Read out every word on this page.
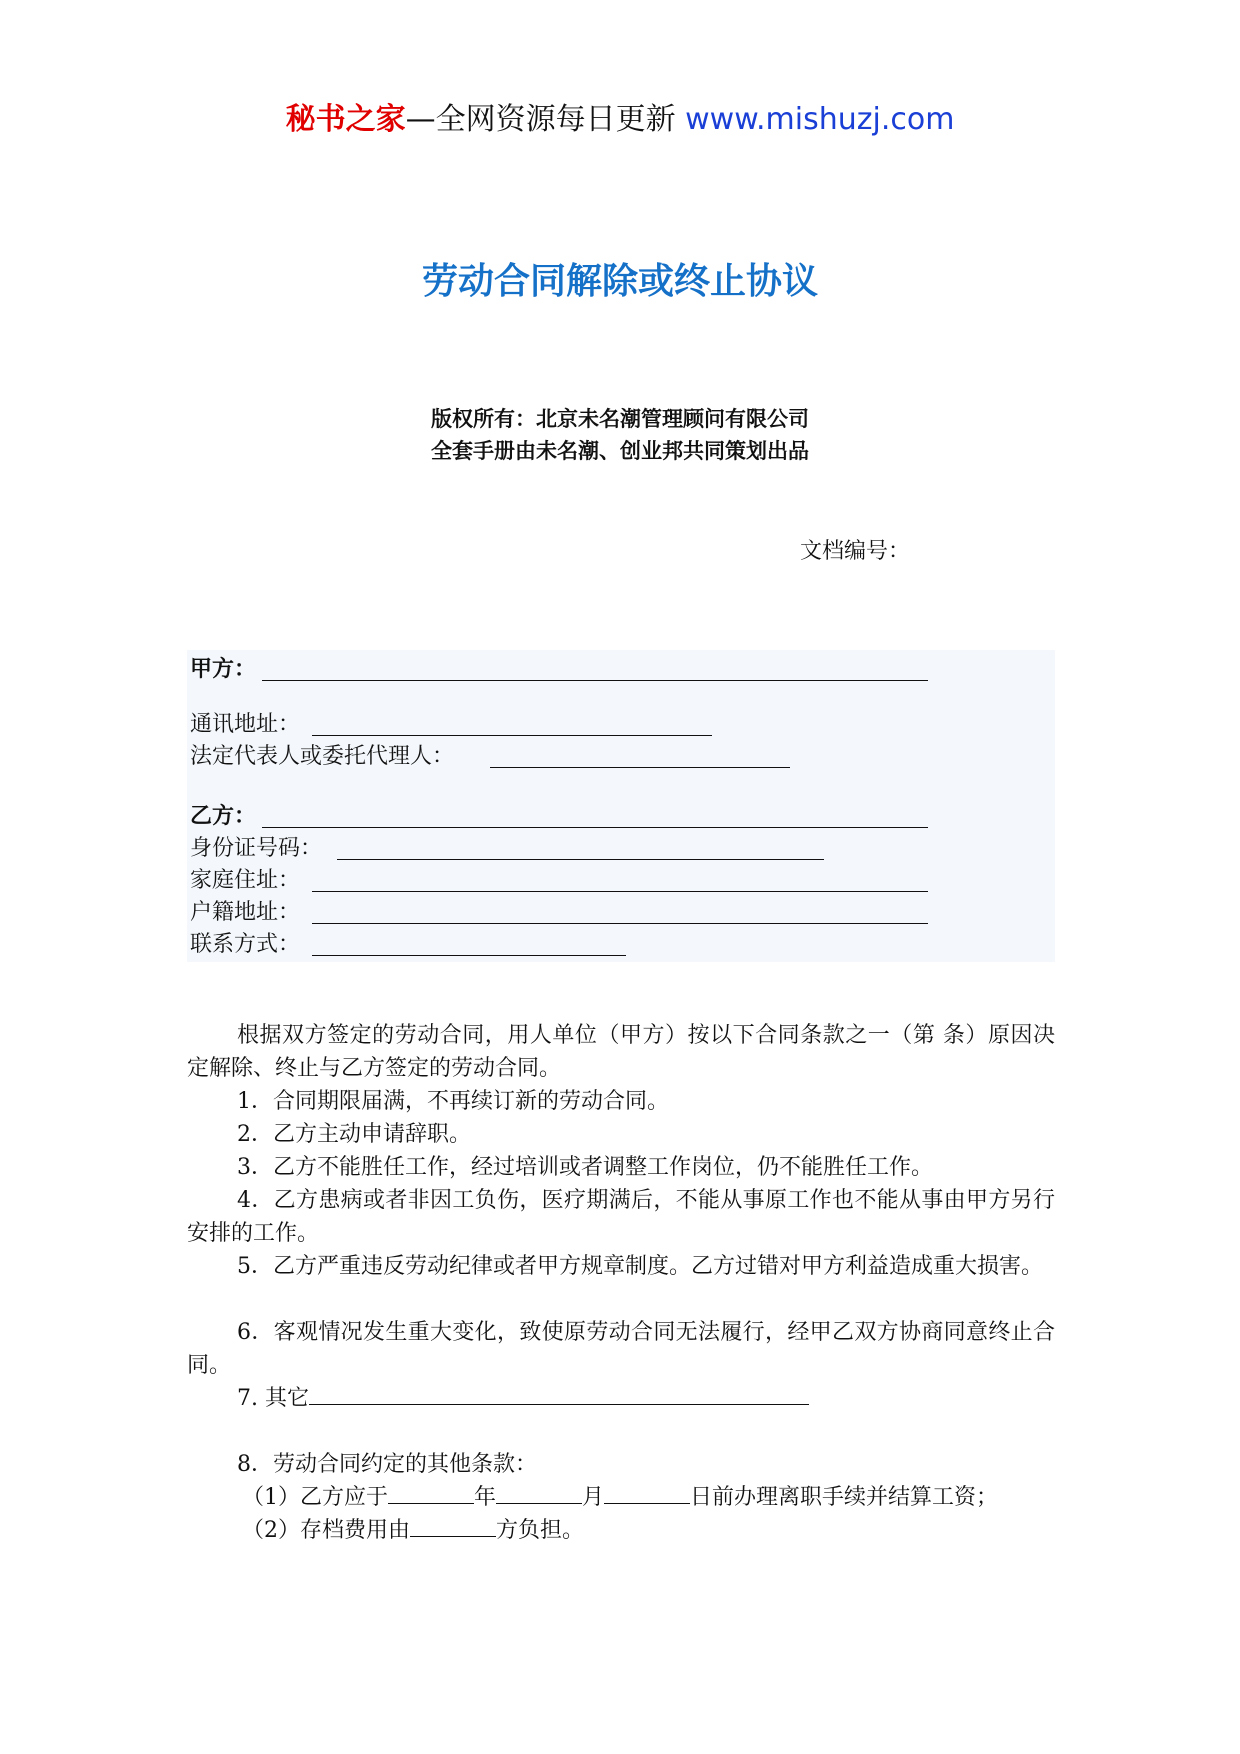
秘书之家—全网资源每日更新 www.mishuzj.com
劳动合同解除或终止协议
版权所有：北京未名潮管理顾问有限公司
全套手册由未名潮、创业邦共同策划出品
文档编号：
甲方：
通讯地址：
法定代表人或委托代理人：
乙方：
身份证号码：
家庭住址：
户籍地址：
联系方式：
根据双方签定的劳动合同，用人单位（甲方）按以下合同条款之一（第 条）原因决定解除、终止与乙方签定的劳动合同。
1．合同期限届满，不再续订新的劳动合同。
2．乙方主动申请辞职。
3．乙方不能胜任工作，经过培训或者调整工作岗位，仍不能胜任工作。
4．乙方患病或者非因工负伤，医疗期满后，不能从事原工作也不能从事由甲方另行安排的工作。
5．乙方严重违反劳动纪律或者甲方规章制度。乙方过错对甲方利益造成重大损害。
6．客观情况发生重大变化，致使原劳动合同无法履行，经甲乙双方协商同意终止合同。
7. 其它
8．劳动合同约定的其他条款：
（1）乙方应于	年	月	日前办理离职手续并结算工资；
（2）存档费用由	方负担。
